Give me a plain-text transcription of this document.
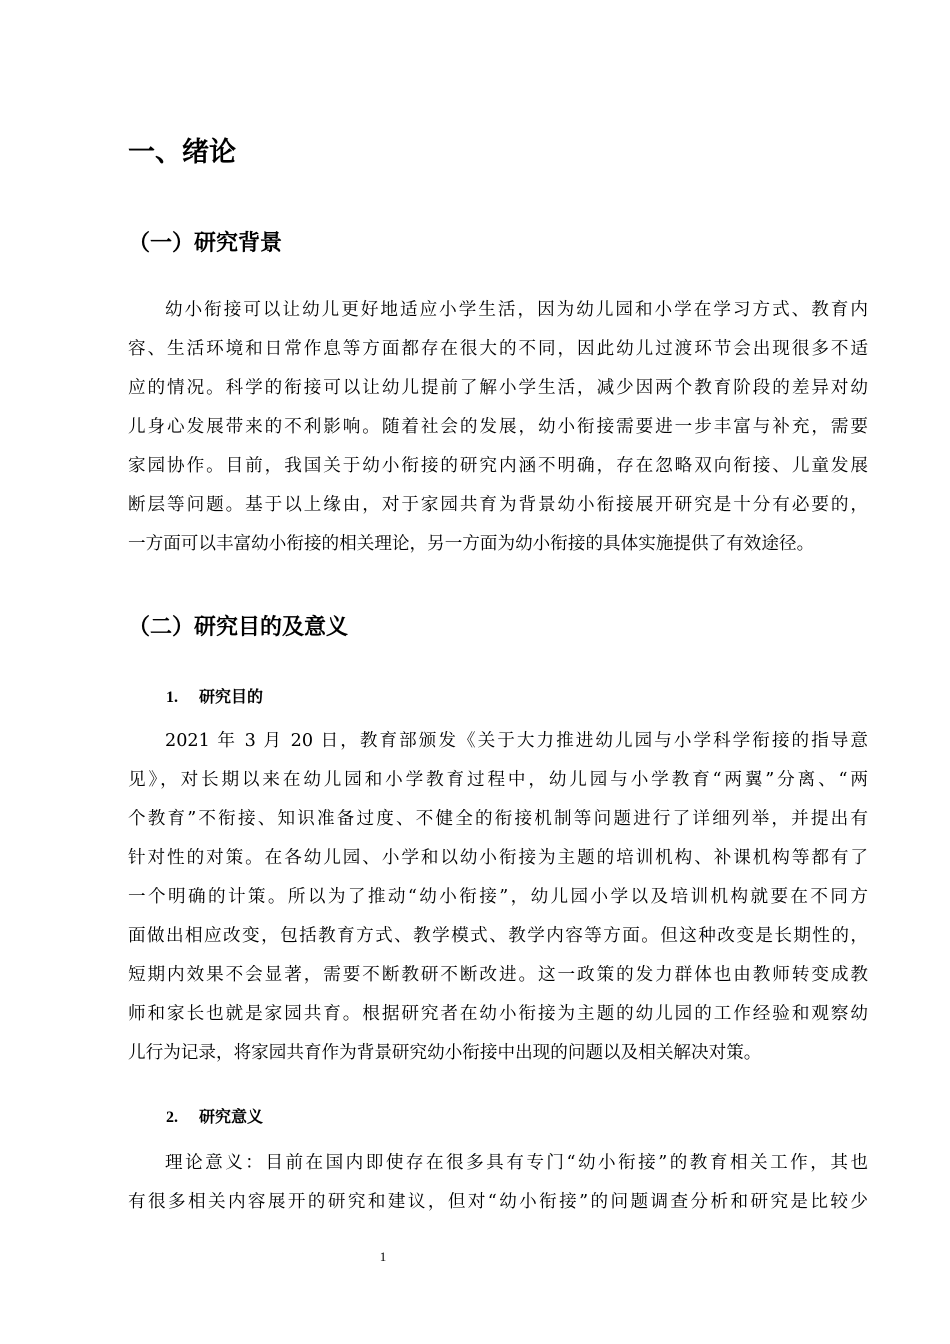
一、绪论
（一）研究背景
幼小衔接可以让幼儿更好地适应小学生活，因为幼儿园和小学在学习方式、教育内
容、生活环境和日常作息等方面都存在很大的不同，因此幼儿过渡环节会出现很多不适
应的情况。科学的衔接可以让幼儿提前了解小学生活，减少因两个教育阶段的差异对幼
儿身心发展带来的不利影响。随着社会的发展，幼小衔接需要进一步丰富与补充，需要
家园协作。目前，我国关于幼小衔接的研究内涵不明确，存在忽略双向衔接、儿童发展
断层等问题。基于以上缘由，对于家园共育为背景幼小衔接展开研究是十分有必要的，
一方面可以丰富幼小衔接的相关理论，另一方面为幼小衔接的具体实施提供了有效途径。
（二）研究目的及意义
1. 研究目的
2021 年 3 月 20 日，教育部颁发《关于大力推进幼儿园与小学科学衔接的指导意
见》，对长期以来在幼儿园和小学教育过程中，幼儿园与小学教育“两翼”分离、“两
个教育”不衔接、知识准备过度、不健全的衔接机制等问题进行了详细列举，并提出有
针对性的对策。在各幼儿园、小学和以幼小衔接为主题的培训机构、补课机构等都有了
一个明确的计策。所以为了推动“幼小衔接”，幼儿园小学以及培训机构就要在不同方
面做出相应改变，包括教育方式、教学模式、教学内容等方面。但这种改变是长期性的，
短期内效果不会显著，需要不断教研不断改进。这一政策的发力群体也由教师转变成教
师和家长也就是家园共育。根据研究者在幼小衔接为主题的幼儿园的工作经验和观察幼
儿行为记录，将家园共育作为背景研究幼小衔接中出现的问题以及相关解决对策。
2. 研究意义
理论意义：目前在国内即使存在很多具有专门“幼小衔接”的教育相关工作，其也
有很多相关内容展开的研究和建议，但对“幼小衔接”的问题调查分析和研究是比较少
1
